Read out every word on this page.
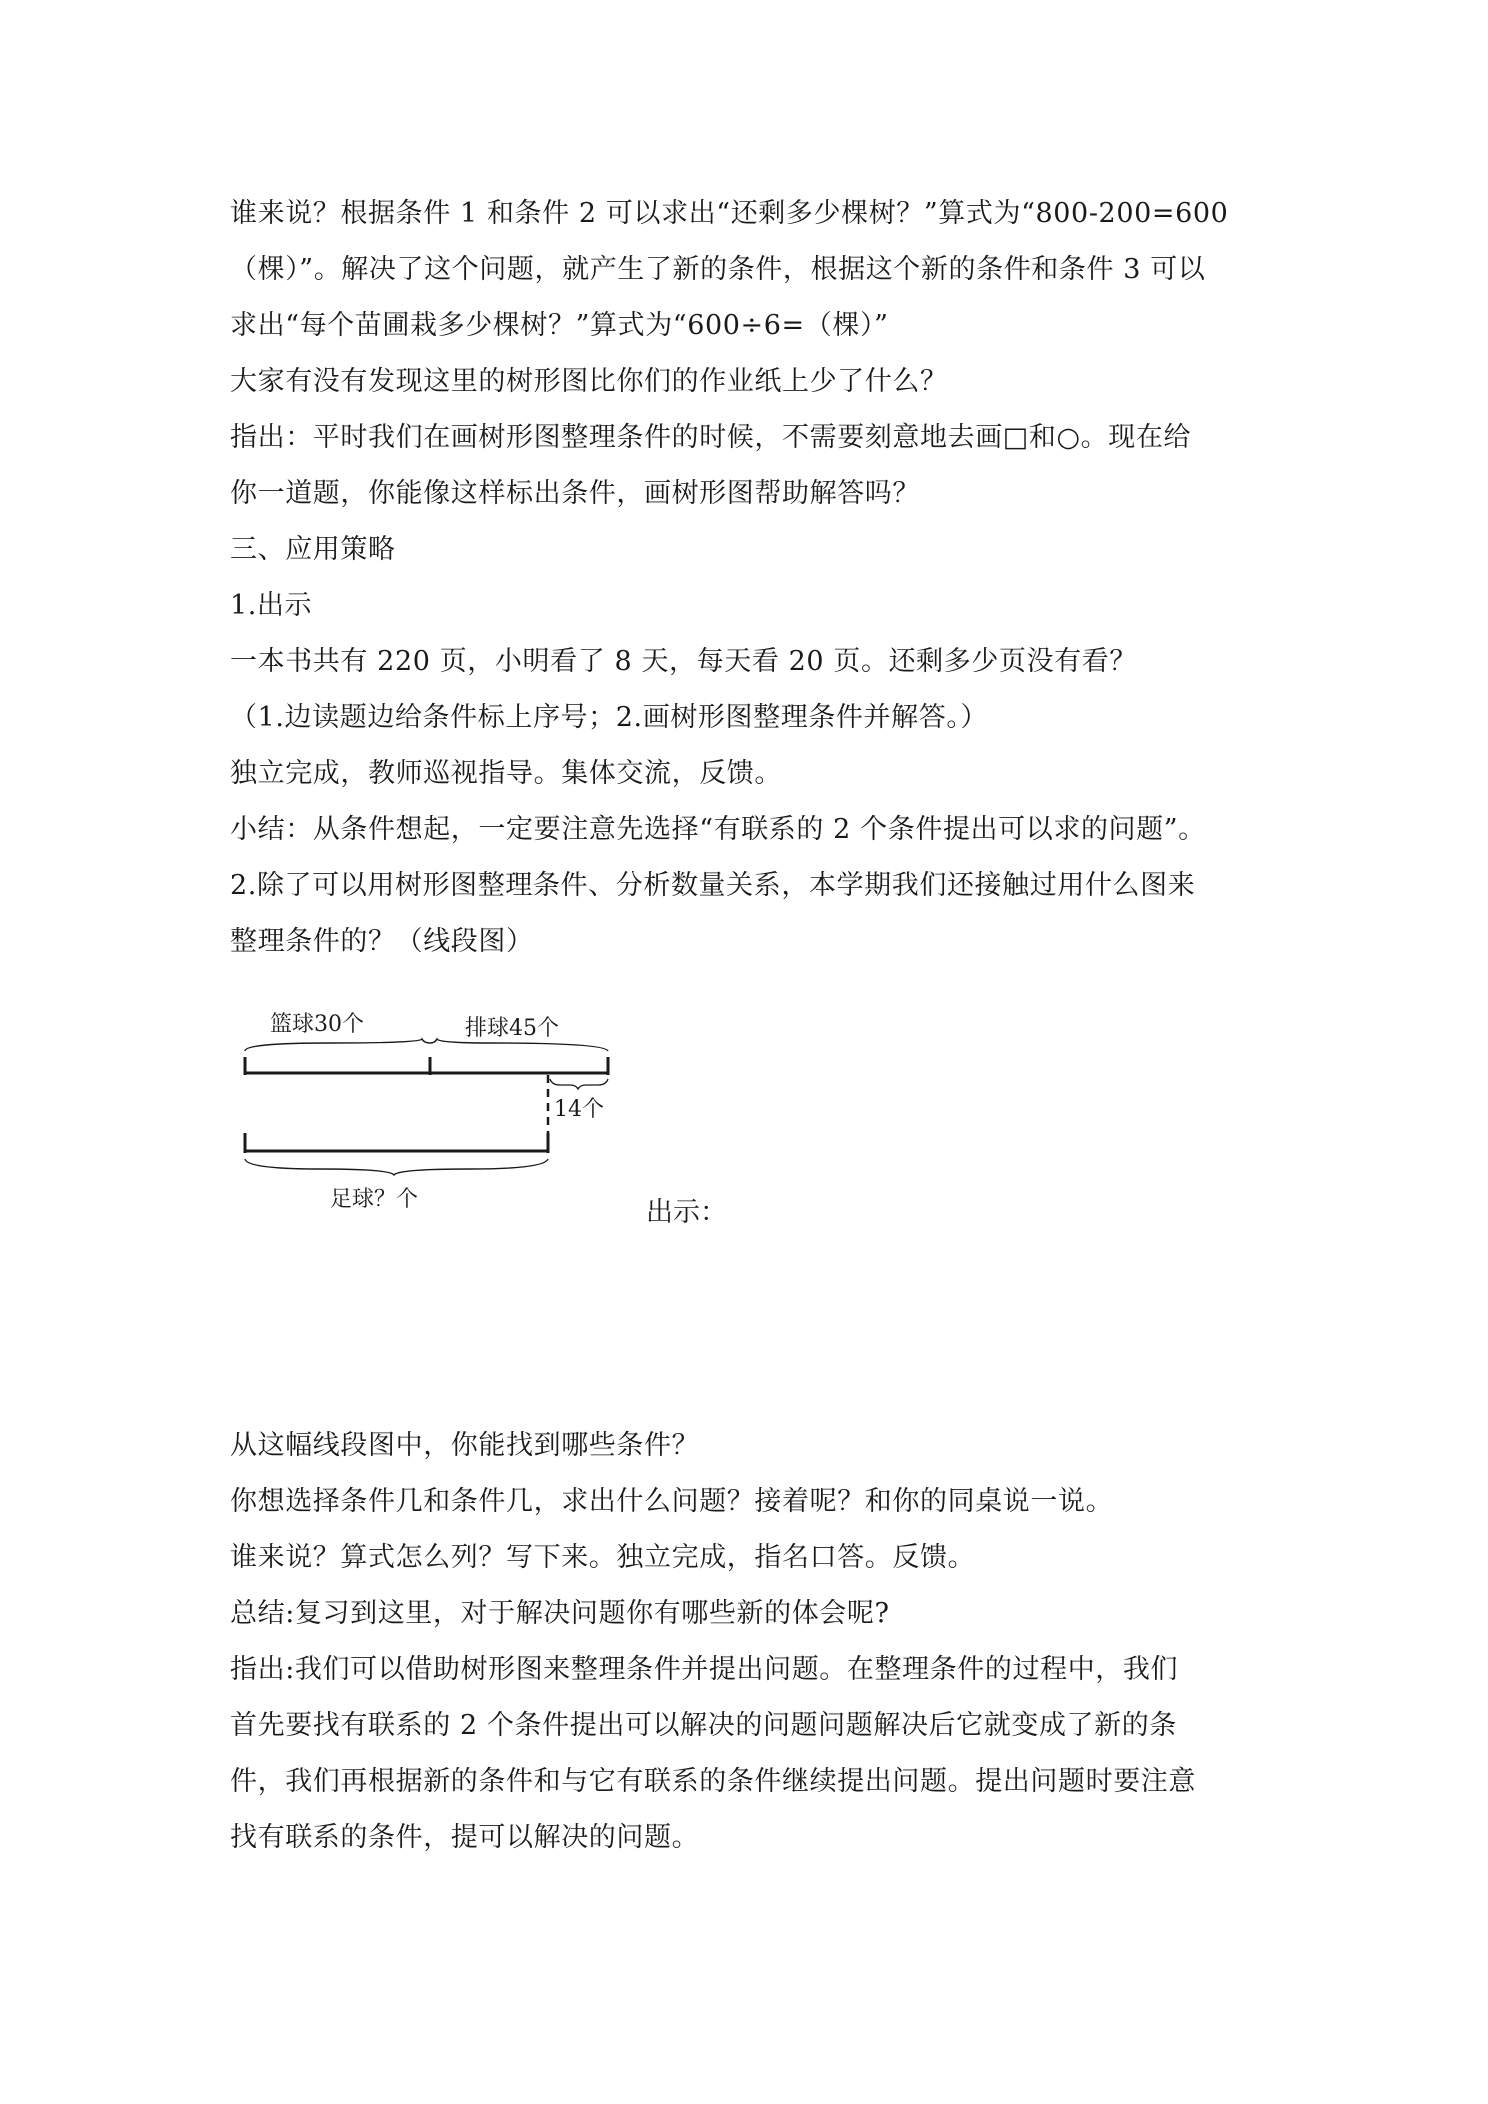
谁来说？根据条件 1 和条件 2 可以求出“还剩多少棵树？”算式为“800-200=600
（棵）”。解决了这个问题，就产生了新的条件，根据这个新的条件和条件 3 可以
求出“每个苗圃栽多少棵树？”算式为“600÷6=（棵）”
大家有没有发现这里的树形图比你们的作业纸上少了什么？
指出：平时我们在画树形图整理条件的时候，不需要刻意地去画□和○。现在给
你一道题，你能像这样标出条件，画树形图帮助解答吗？
三、应用策略
1.出示
一本书共有 220 页，小明看了 8 天，每天看 20 页。还剩多少页没有看？
（1.边读题边给条件标上序号；2.画树形图整理条件并解答。）
独立完成，教师巡视指导。集体交流，反馈。
小结：从条件想起，一定要注意先选择“有联系的 2 个条件提出可以求的问题”。
2.除了可以用树形图整理条件、分析数量关系，本学期我们还接触过用什么图来
整理条件的？（线段图）
篮球30个	排球45个
14个
足球？个	出示：
从这幅线段图中，你能找到哪些条件？
你想选择条件几和条件几，求出什么问题？接着呢？和你的同桌说一说。
谁来说？算式怎么列？写下来。独立完成，指名口答。反馈。
总结:复习到这里，对于解决问题你有哪些新的体会呢?
指出:我们可以借助树形图来整理条件并提出问题。在整理条件的过程中，我们
首先要找有联系的 2 个条件提出可以解决的问题问题解决后它就变成了新的条
件，我们再根据新的条件和与它有联系的条件继续提出问题。提出问题时要注意
找有联系的条件，提可以解决的问题。
